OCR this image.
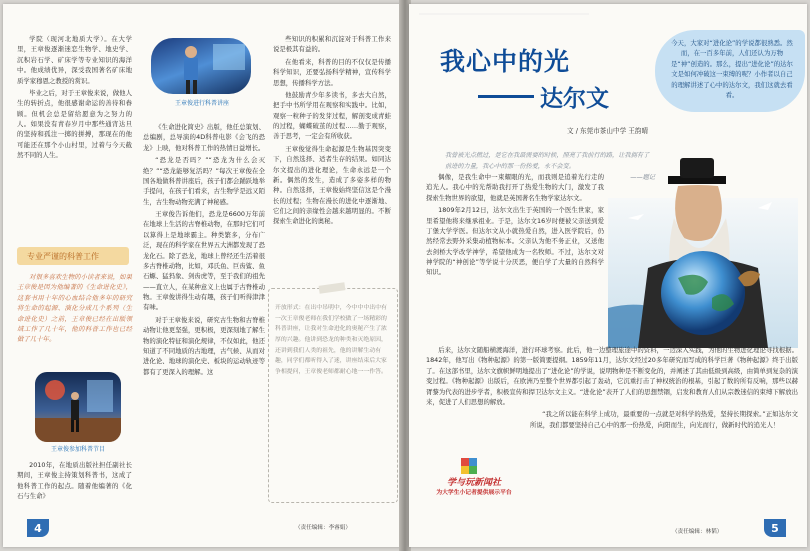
学院（现河北地质大学）。在大学里，王章俊逐渐迷恋生物学、地史学、沉积岩石学、矿床学等专业知识的海洋中。他成绩优异，深受我国著名矿床地质学家穆恩之教授的赏识。

毕业之后，对于王章俊来说，做他人生的转折点，他很感谢命运的善待和眷顾。但机会总是留给愿意为之努力的人。如果没有青春岁月中那些通宵达旦的坚持和孤注一掷的拼搏，那现在的他可能还在那个小山村里，过着与今天截然不同的人生。

专业严谨的科普工作
对很多喜欢生物的小读者来说，如果王章俊是因为他编著的《生命进化史》，这套书用十年的心血结合他多年的研究将生命的起源、演化分成几个系列（生命进化史）之前，王章俊已经在出版领域工作了几十年，他的科普工作也已经做了几十年。
王章俊参加科普节目

2010年，在地质出版社担任副社长期间，王章俊主持策划科普书，这成了他科普工作的起点。随着他编著的《化石与生命》

王章俊进行科普讲座

《生命进化简史》出版，他任总策划、总编剧，总导演的4D科普电影《会飞的恐龙》上映，他对科普工作的热情日益增长。

“恐龙是否吗？”“恐龙为什么会灭绝？”“恐龙能够复活吗？”每次王章俊在全国各地做科普讲座后，孩子们都会踊跃地举手提问，在孩子们看来，古生物学是远又陌生，古生物动物充满了神秘感。

王章俊告诉他们，恐龙是6600万年前在地球上生活的古脊椎动物，在那时它们可以算得上是地球霸主。种类繁多，分布广泛，现在的科学家在世界五大洲都发现了恐龙化石。除了恐龙，地球上曾经还生活着很多古脊椎动物，比如，邓氏鱼、巨齿鲨、鱼石螈、猛犸象、剑齿虎等，至于我们的祖先——直立人，在某种意义上也属于古脊椎动物。王章俊讲得生动有趣，孩子们听得津津有味。

对于王章俊来说，研究古生物和古脊椎动物让他更坚强，更积极，更深刻地了解生物的演化特征和演化规律，不仅如此，他还知道了不同地质的古地理，古气候、从而对进化论、地球的演化史、板块的运动轨迹等都有了更深入的理解。这

些知识的积累和沉淀对于科普工作来说是极其有益的。

在他看来，科普的目的不仅仅是传播科学知识，还要弘扬科学精神，宣传科学思想，传播科学方法。

他鼓励青少年多读书，多去大自然，把手中书所学用在观察和实践中。比如，观察一粒种子的发芽过程，解剖变成青蛙的过程，蝴蝶破茧的过程……勤于观察，善于思考，一定会有所收获。

王章俊觉得生命起源是生物基因突变下，自然选择、适者生存的结果。如同达尔文提出的进化理论，生命永远是一个新。偶然的发生，造成了多姿多样的物种。自然选择，王章俊始终坚信这是个漫长的过程；生物在漫长的进化中逐渐地、它们之间的亲缘性会越来越明显的。不断探索生命进化的奥秘。

开放形式：在出中吊明中，今中中中出中有一次王章俊老师在我们学校做了一场精彩的科普讲座，让我对生命进化的奥秘产生了浓厚的兴趣。他讲到恐龙的种类和灭绝原因，还讲到我们人类的祖先，他的讲解生动有趣，同学们都听得入了迷，讲座结束后大家争相提问，王章俊老师都耐心地一一作答。
4	（责任编辑：李睿娟）
我心中的光
达尔文
今天，大家对“进化论”的学说都很熟悉。然而，在一百多年前，人们还认为万物是“神”创造的。那么，提出“进化论”的达尔文是如何冲破这一束缚的呢？小作者以自己的理解讲述了心中的达尔文，我们这就去看看。
文 / 东莞市茶山中学 王韵晴
我曾被光点燃过，是它在我最需要的时候，照亮了我前行的路，让我拥有了前进的力量，我心中的那一份热爱，永不会变。
——题记

偶像，是我生命中一束耀眼的光，而我则是追着光行走的追光人。我心中的光帮助我打开了热爱生物的大门，激发了我探索生物世界的欲望，他就是英国著名生物学家达尔文。

1809年2月12日，达尔文出生于英国的一个医生世家，家里希望他将来继承祖业。于是，达尔文16岁时便被父亲送到爱丁堡大学学医。但达尔文从小就热爱自然，进入医学院后，仍然经常去野外采集动植物标本。父亲认为他不务正业，又送他去剑桥大学改学神学，希望他成为一名牧师。不过，达尔文对神学院的“神创论”等学说十分厌恶，便自学了大量的自然科学知识。

后来，达尔文随船横渡海洋，进行环球考察。此后，他一边整理旅途中的资料，一边深入实践，为他的生物进化理论寻找根据。1842年，他写出《物种起源》的第一版简要提纲。1859年11月，达尔文经过20多年研究而写成的科学巨著《物种起源》终于出版了。在这部书里，达尔文旗帜鲜明地提出了“进化论”的学说，说明物种是不断变化的，并阐述了其由低级到高级，由简单到复杂的演变过程。《物种起源》出版后，在欧洲乃至整个世界都引起了轰动，它沉重打击了神权统治的根基，引起了数的所有反响，那些以赫胥黎为代表的进步学者，积极宣传和捍卫达尔文主义。“进化论”表开了人们的思想禁锢，启发和教育人们从宗教迷信的束缚下解放出来，促进了人们思想的解放。

“我之所以能在科学上成功，最重要的一点就是对科学的热爱，坚持长期探索。”正如达尔文所说，我们都要坚持自己心中的那一份热爱，向阳而生，向光而行，做新时代的追光人！

学与玩新闻社
为大学生小记者提供展示平台
5
（责任编辑：林韬）
